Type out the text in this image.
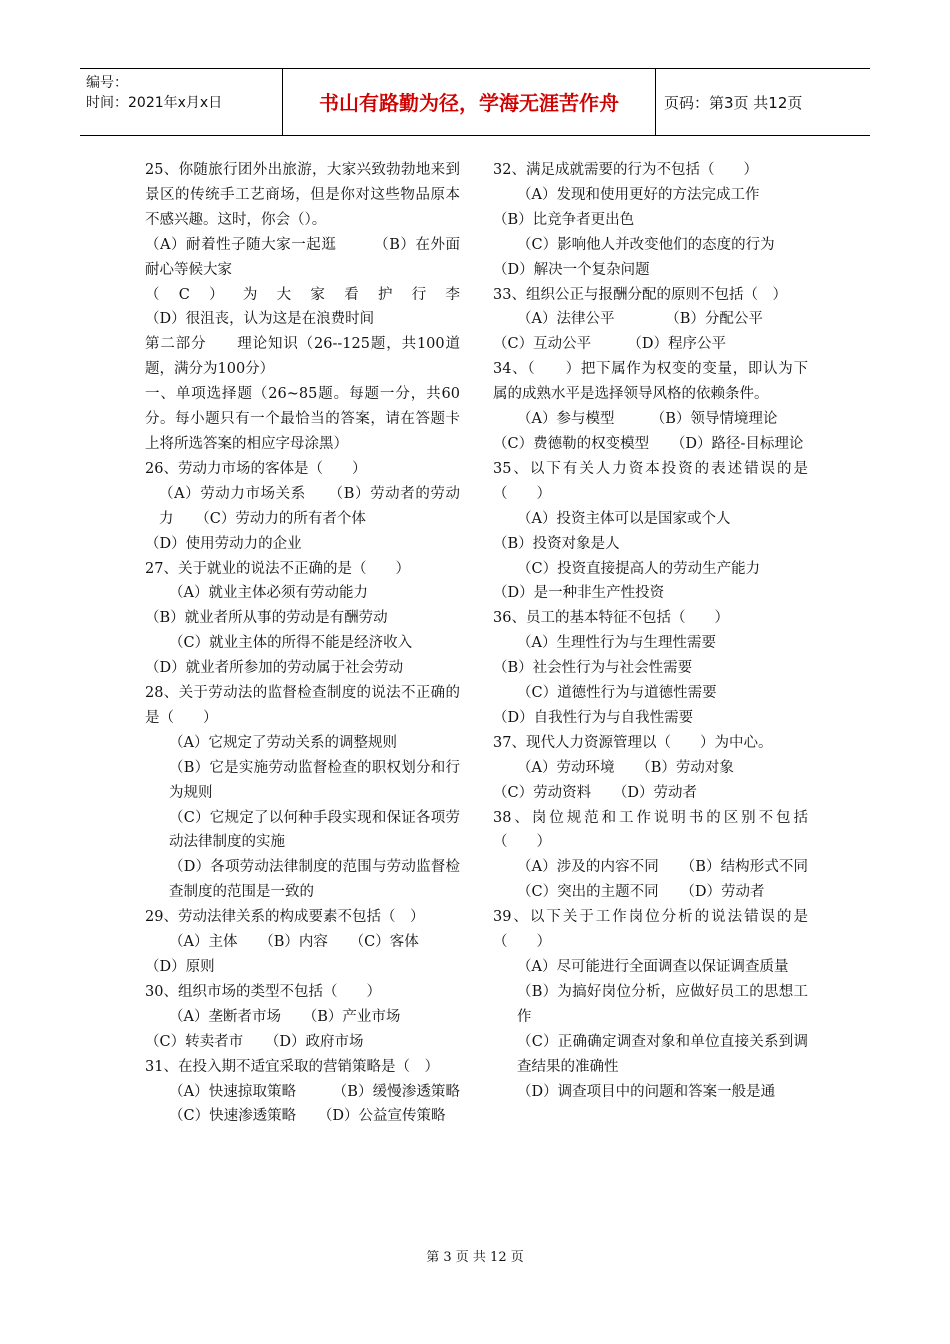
编号：
时间：2021年x月x日	书山有路勤为径，学海无涯苦作舟	页码：第3页 共12页
25、你随旅行团外出旅游，大家兴致勃勃地来到景区的传统手工艺商场，但是你对这些物品原本不感兴趣。这时，你会（）。
（A）耐着性子随大家一起逛　　　（B）在外面耐心等候大家
（C）为大家看护行李
（D）很沮丧，认为这是在浪费时间
第二部分　　理论知识（26--125题，共100道题，满分为100分）
一、单项选择题（26~85题。每题一分，共60分。每小题只有一个最恰当的答案，请在答题卡上将所选答案的相应字母涂黑）
26、劳动力市场的客体是（　　）
（A）劳动力市场关系　　（B）劳动者的劳动力　　（C）劳动力的所有者个体
（D）使用劳动力的企业
27、关于就业的说法不正确的是（　　）
（A）就业主体必须有劳动能力
（B）就业者所从事的劳动是有酬劳动
（C）就业主体的所得不能是经济收入
（D）就业者所参加的劳动属于社会劳动
28、关于劳动法的监督检查制度的说法不正确的是（　　）
（A）它规定了劳动关系的调整规则
（B）它是实施劳动监督检查的职权划分和行为规则
（C）它规定了以何种手段实现和保证各项劳动法律制度的实施
（D）各项劳动法律制度的范围与劳动监督检查制度的范围是一致的
29、劳动法律关系的构成要素不包括（　）
（A）主体　　（B）内容　　（C）客体
（D）原则
30、组织市场的类型不包括（　　）
（A）垄断者市场　　（B）产业市场
（C）转卖者市　　（D）政府市场
31、在投入期不适宜采取的营销策略是（　）
（A）快速掠取策略　　　（B）缓慢渗透策略　　（C）快速渗透策略　　（D）公益宣传策略
32、满足成就需要的行为不包括（　　）
（A）发现和使用更好的方法完成工作
（B）比竞争者更出色
（C）影响他人并改变他们的态度的行为
（D）解决一个复杂问题
33、组织公正与报酬分配的原则不包括（　）
（A）法律公平　　　　（B）分配公平
（C）互动公平　　　（D）程序公平
34、（　　）把下属作为权变的变量，即认为下属的成熟水平是选择领导风格的依赖条件。
（A）参与模型　　　（B）领导情境理论
（C）费德勒的权变模型　　（D）路径-目标理论
35、以下有关人力资本投资的表述错误的是（　　）
（A）投资主体可以是国家或个人
（B）投资对象是人
（C）投资直接提高人的劳动生产能力
（D）是一种非生产性投资
36、员工的基本特征不包括（　　）
（A）生理性行为与生理性需要
（B）社会性行为与社会性需要
（C）道德性行为与道德性需要
（D）自我性行为与自我性需要
37、现代人力资源管理以（　　）为中心。
（A）劳动环境　　（B）劳动对象
（C）劳动资料　　（D）劳动者
38、岗位规范和工作说明书的区别不包括（　　）
（A）涉及的内容不同　　（B）结构形式不同　　（C）突出的主题不同　　（D）劳动者
39、以下关于工作岗位分析的说法错误的是（　　）
（A）尽可能进行全面调查以保证调查质量
（B）为搞好岗位分析，应做好员工的思想工作
（C）正确确定调查对象和单位直接关系到调查结果的准确性
（D）调查项目中的问题和答案一般是通
第 3 页 共 12 页
